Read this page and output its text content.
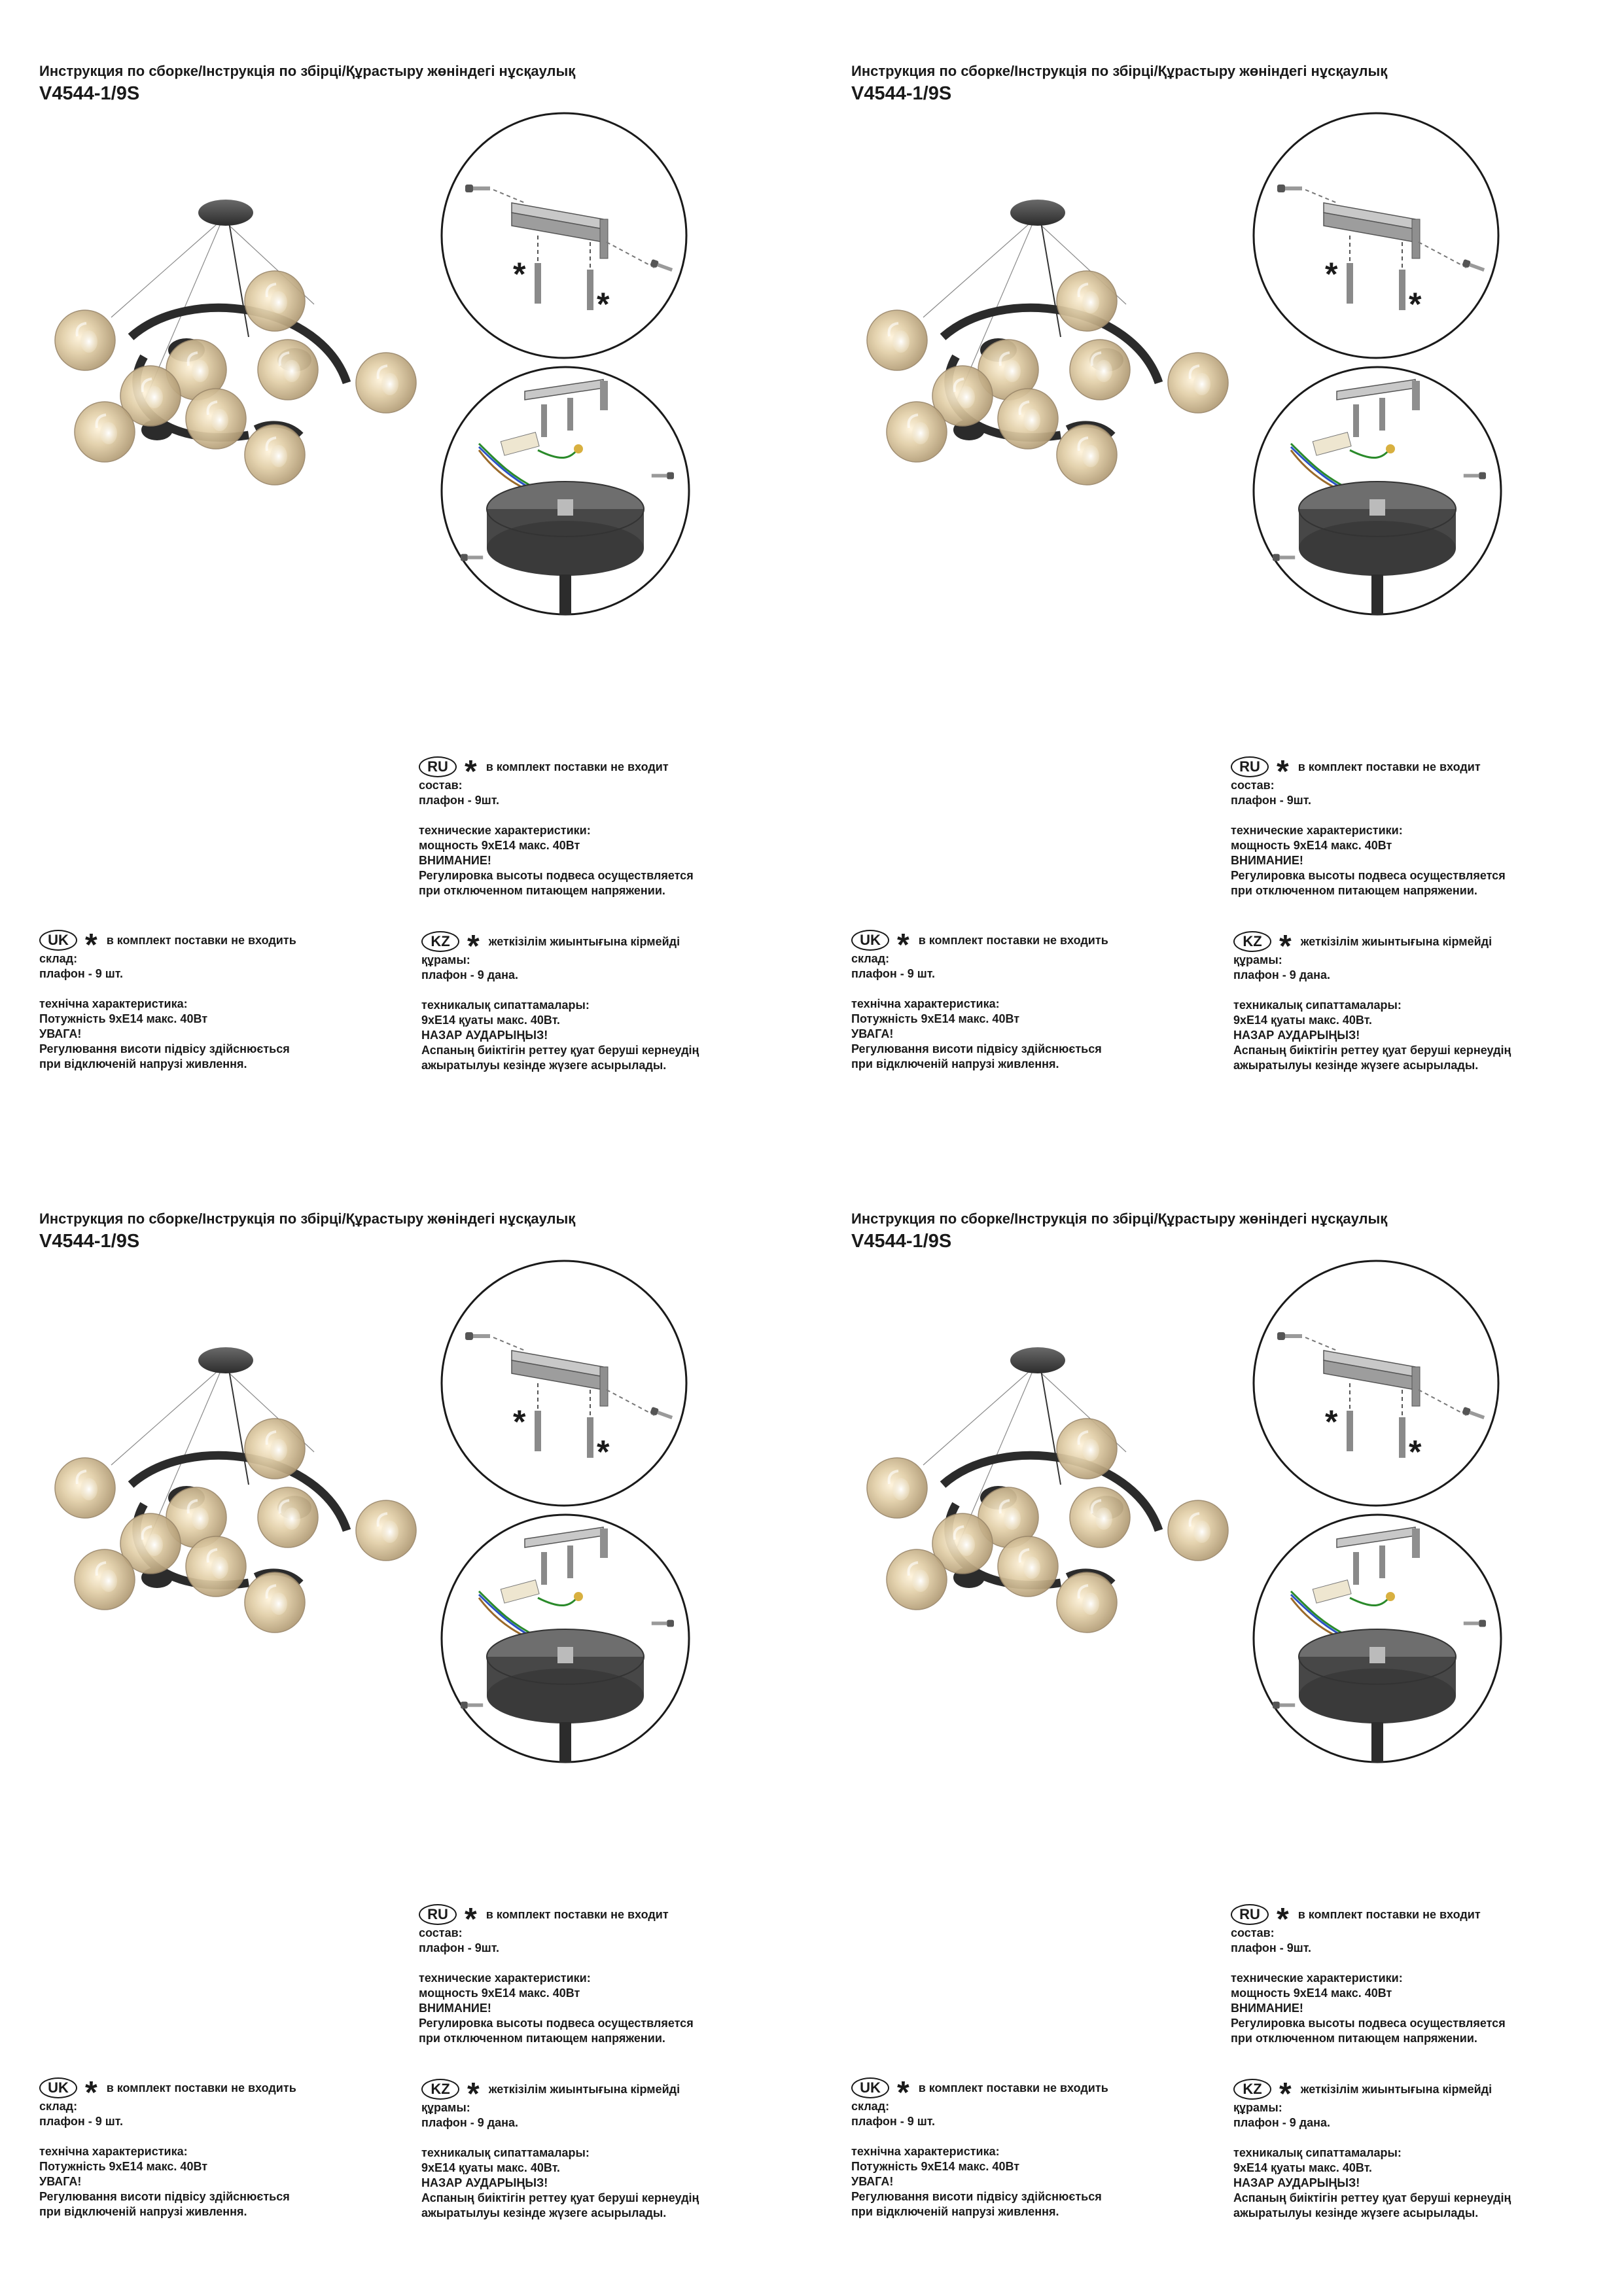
Инструкция по сборке/Інструкція по збірці/Құрастыру жөніндегі нұсқаулық
V4544-1/9S
*
*
RU * в комплект поставки не входит
состав:
плафон - 9шт.
технические характеристики:
мощность 9xE14 макс. 40Вт
ВНИМАНИЕ!
Регулировка высоты подвеса осуществляется
при отключенном питающем напряжении.
UK * в комплект поставки не входить
склад:
плафон - 9 шт.
технічна характеристика:
Потужність 9xE14 макс. 40Вт
УВАГА!
Регулювання висоти підвісу здійснюється
при відключеній напрузі живлення.
KZ * жеткізілім жиынтығына кірмейді
құрамы:
плафон - 9 дана.
техникалық сипаттамалары:
9xE14 қуаты макс. 40Вт.
НАЗАР АУДАРЫҢЫЗ!
Аспаның биіктігін реттеу қуат беруші кернеудің
ажыратылуы кезінде жүзеге асырылады.
Инструкция по сборке/Інструкція по збірці/Құрастыру жөніндегі нұсқаулық
V4544-1/9S
*
*
RU * в комплект поставки не входит
состав:
плафон - 9шт.
технические характеристики:
мощность 9xE14 макс. 40Вт
ВНИМАНИЕ!
Регулировка высоты подвеса осуществляется
при отключенном питающем напряжении.
UK * в комплект поставки не входить
склад:
плафон - 9 шт.
технічна характеристика:
Потужність 9xE14 макс. 40Вт
УВАГА!
Регулювання висоти підвісу здійснюється
при відключеній напрузі живлення.
KZ * жеткізілім жиынтығына кірмейді
құрамы:
плафон - 9 дана.
техникалық сипаттамалары:
9xE14 қуаты макс. 40Вт.
НАЗАР АУДАРЫҢЫЗ!
Аспаның биіктігін реттеу қуат беруші кернеудің
ажыратылуы кезінде жүзеге асырылады.
Инструкция по сборке/Інструкція по збірці/Құрастыру жөніндегі нұсқаулық
V4544-1/9S
*
*
RU * в комплект поставки не входит
состав:
плафон - 9шт.
технические характеристики:
мощность 9xE14 макс. 40Вт
ВНИМАНИЕ!
Регулировка высоты подвеса осуществляется
при отключенном питающем напряжении.
UK * в комплект поставки не входить
склад:
плафон - 9 шт.
технічна характеристика:
Потужність 9xE14 макс. 40Вт
УВАГА!
Регулювання висоти підвісу здійснюється
при відключеній напрузі живлення.
KZ * жеткізілім жиынтығына кірмейді
құрамы:
плафон - 9 дана.
техникалық сипаттамалары:
9xE14 қуаты макс. 40Вт.
НАЗАР АУДАРЫҢЫЗ!
Аспаның биіктігін реттеу қуат беруші кернеудің
ажыратылуы кезінде жүзеге асырылады.
Инструкция по сборке/Інструкція по збірці/Құрастыру жөніндегі нұсқаулық
V4544-1/9S
*
*
RU * в комплект поставки не входит
состав:
плафон - 9шт.
технические характеристики:
мощность 9xE14 макс. 40Вт
ВНИМАНИЕ!
Регулировка высоты подвеса осуществляется
при отключенном питающем напряжении.
UK * в комплект поставки не входить
склад:
плафон - 9 шт.
технічна характеристика:
Потужність 9xE14 макс. 40Вт
УВАГА!
Регулювання висоти підвісу здійснюється
при відключеній напрузі живлення.
KZ * жеткізілім жиынтығына кірмейді
құрамы:
плафон - 9 дана.
техникалық сипаттамалары:
9xE14 қуаты макс. 40Вт.
НАЗАР АУДАРЫҢЫЗ!
Аспаның биіктігін реттеу қуат беруші кернеудің
ажыратылуы кезінде жүзеге асырылады.
